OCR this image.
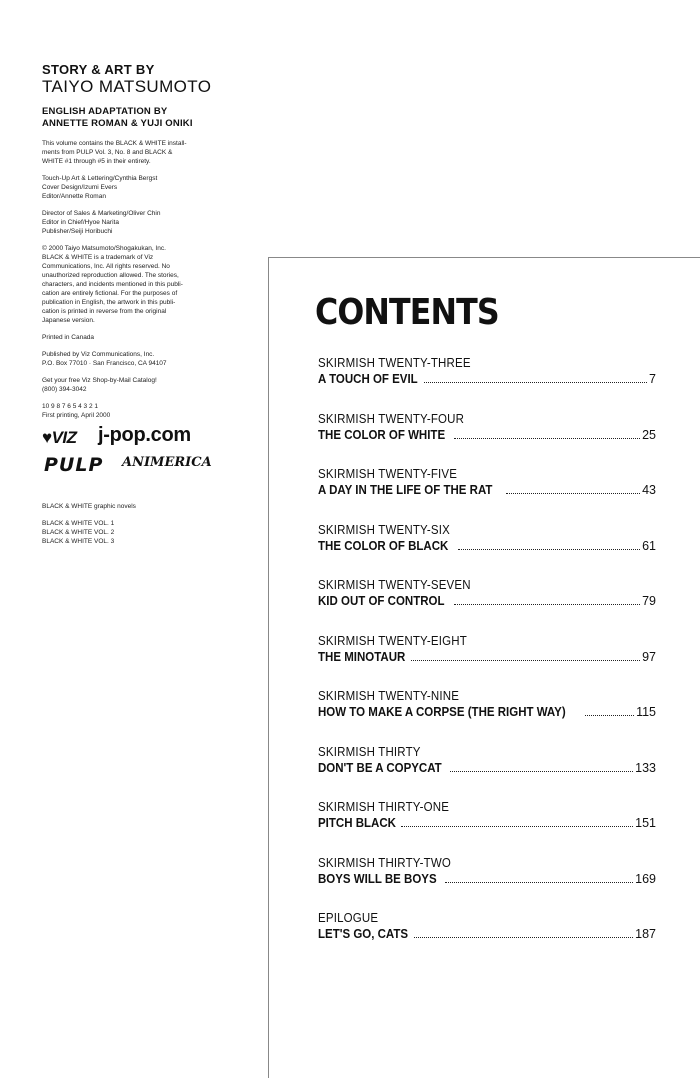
STORY & ART BY

TAIYO MATSUMOTO

ENGLISH ADAPTATION BY
ANNETTE ROMAN & YUJI ONIKI

This volume contains the BLACK & WHITE install-
ments from PULP Vol. 3, No. 8 and BLACK &
WHITE #1 through #5 in their entirety.
Touch-Up Art & Lettering/Cynthia Bergst
Cover Design/Izumi Evers
Editor/Annette Roman
Director of Sales & Marketing/Oliver Chin
Editor in Chief/Hyoe Narita
Publisher/Seiji Horibuchi
© 2000 Taiyo Matsumoto/Shogakukan, Inc.
BLACK & WHITE is a trademark of Viz
Communications, Inc. All rights reserved. No
unauthorized reproduction allowed. The stories,
characters, and incidents mentioned in this publi-
cation are entirely fictional. For the purposes of
publication in English, the artwork in this publi-
cation is printed in reverse from the original
Japanese version.
Printed in Canada
Published by Viz Communications, Inc.
P.O. Box 77010 · San Francisco, CA 94107
Get your free Viz Shop-by-Mail Catalog!
(800) 394-3042
10 9 8 7 6 5 4 3 2 1
First printing, April 2000
♥VIZ j-pop.com
PULP ANIMERICA
BLACK & WHITE graphic novels
BLACK & WHITE VOL. 1
BLACK & WHITE VOL. 2
BLACK & WHITE VOL. 3
CONTENTS
SKIRMISH TWENTY-THREE
A TOUCH OF EVIL	7
SKIRMISH TWENTY-FOUR
THE COLOR OF WHITE	25
SKIRMISH TWENTY-FIVE
A DAY IN THE LIFE OF THE RAT	43
SKIRMISH TWENTY-SIX
THE COLOR OF BLACK	61
SKIRMISH TWENTY-SEVEN
KID OUT OF CONTROL	79
SKIRMISH TWENTY-EIGHT
THE MINOTAUR	97
SKIRMISH TWENTY-NINE
HOW TO MAKE A CORPSE (THE RIGHT WAY)	115
SKIRMISH THIRTY
DON'T BE A COPYCAT	133
SKIRMISH THIRTY-ONE
PITCH BLACK	151
SKIRMISH THIRTY-TWO
BOYS WILL BE BOYS	169
EPILOGUE
LET'S GO, CATS	187
